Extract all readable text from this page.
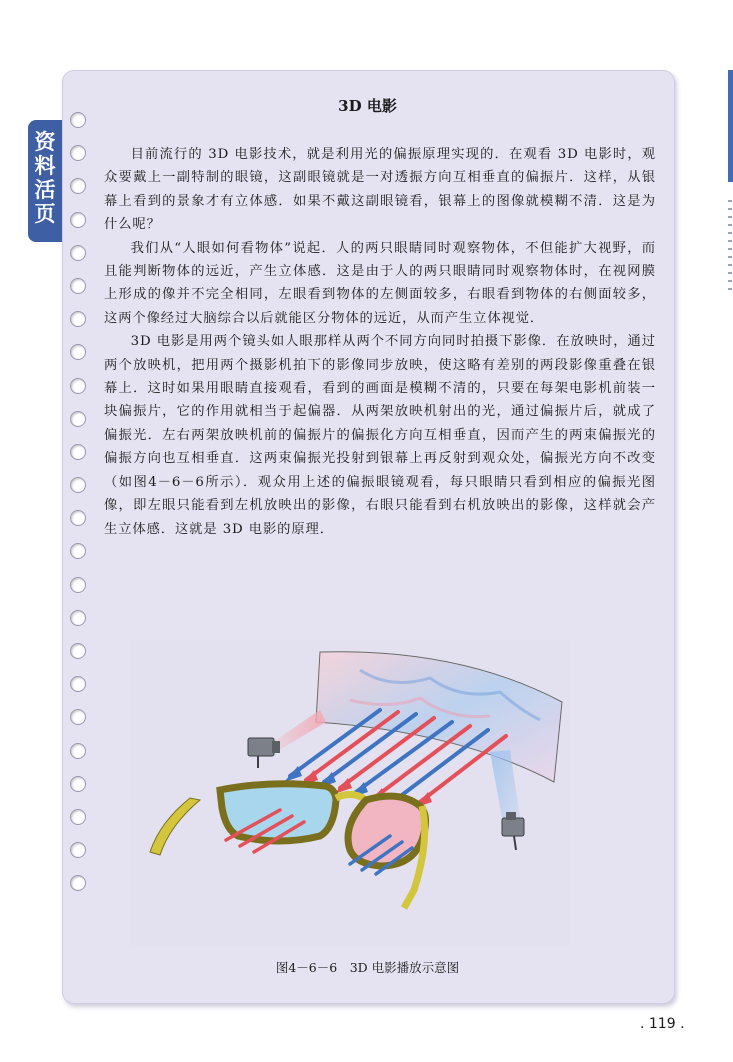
资料活页
3D 电影

目前流行的 3D 电影技术，就是利用光的偏振原理实现的．在观看 3D 电影时，观众要戴上一副特制的眼镜，这副眼镜就是一对透振方向互相垂直的偏振片．这样，从银幕上看到的景象才有立体感．如果不戴这副眼镜看，银幕上的图像就模糊不清．这是为什么呢？

我们从“人眼如何看物体”说起．人的两只眼睛同时观察物体，不但能扩大视野，而且能判断物体的远近，产生立体感．这是由于人的两只眼睛同时观察物体时，在视网膜上形成的像并不完全相同，左眼看到物体的左侧面较多，右眼看到物体的右侧面较多，这两个像经过大脑综合以后就能区分物体的远近，从而产生立体视觉．

3D 电影是用两个镜头如人眼那样从两个不同方向同时拍摄下影像．在放映时，通过两个放映机，把用两个摄影机拍下的影像同步放映，使这略有差别的两段影像重叠在银幕上．这时如果用眼睛直接观看，看到的画面是模糊不清的，只要在每架电影机前装一块偏振片，它的作用就相当于起偏器．从两架放映机射出的光，通过偏振片后，就成了偏振光．左右两架放映机前的偏振片的偏振化方向互相垂直，因而产生的两束偏振光的偏振方向也互相垂直．这两束偏振光投射到银幕上再反射到观众处，偏振光方向不改变（如图4－6－6所示）．观众用上述的偏振眼镜观看，每只眼睛只看到相应的偏振光图像，即左眼只能看到左机放映出的影像，右眼只能看到右机放映出的影像，这样就会产生立体感．这就是 3D 电影的原理．

图4－6－6　3D 电影播放示意图
. 119 .
